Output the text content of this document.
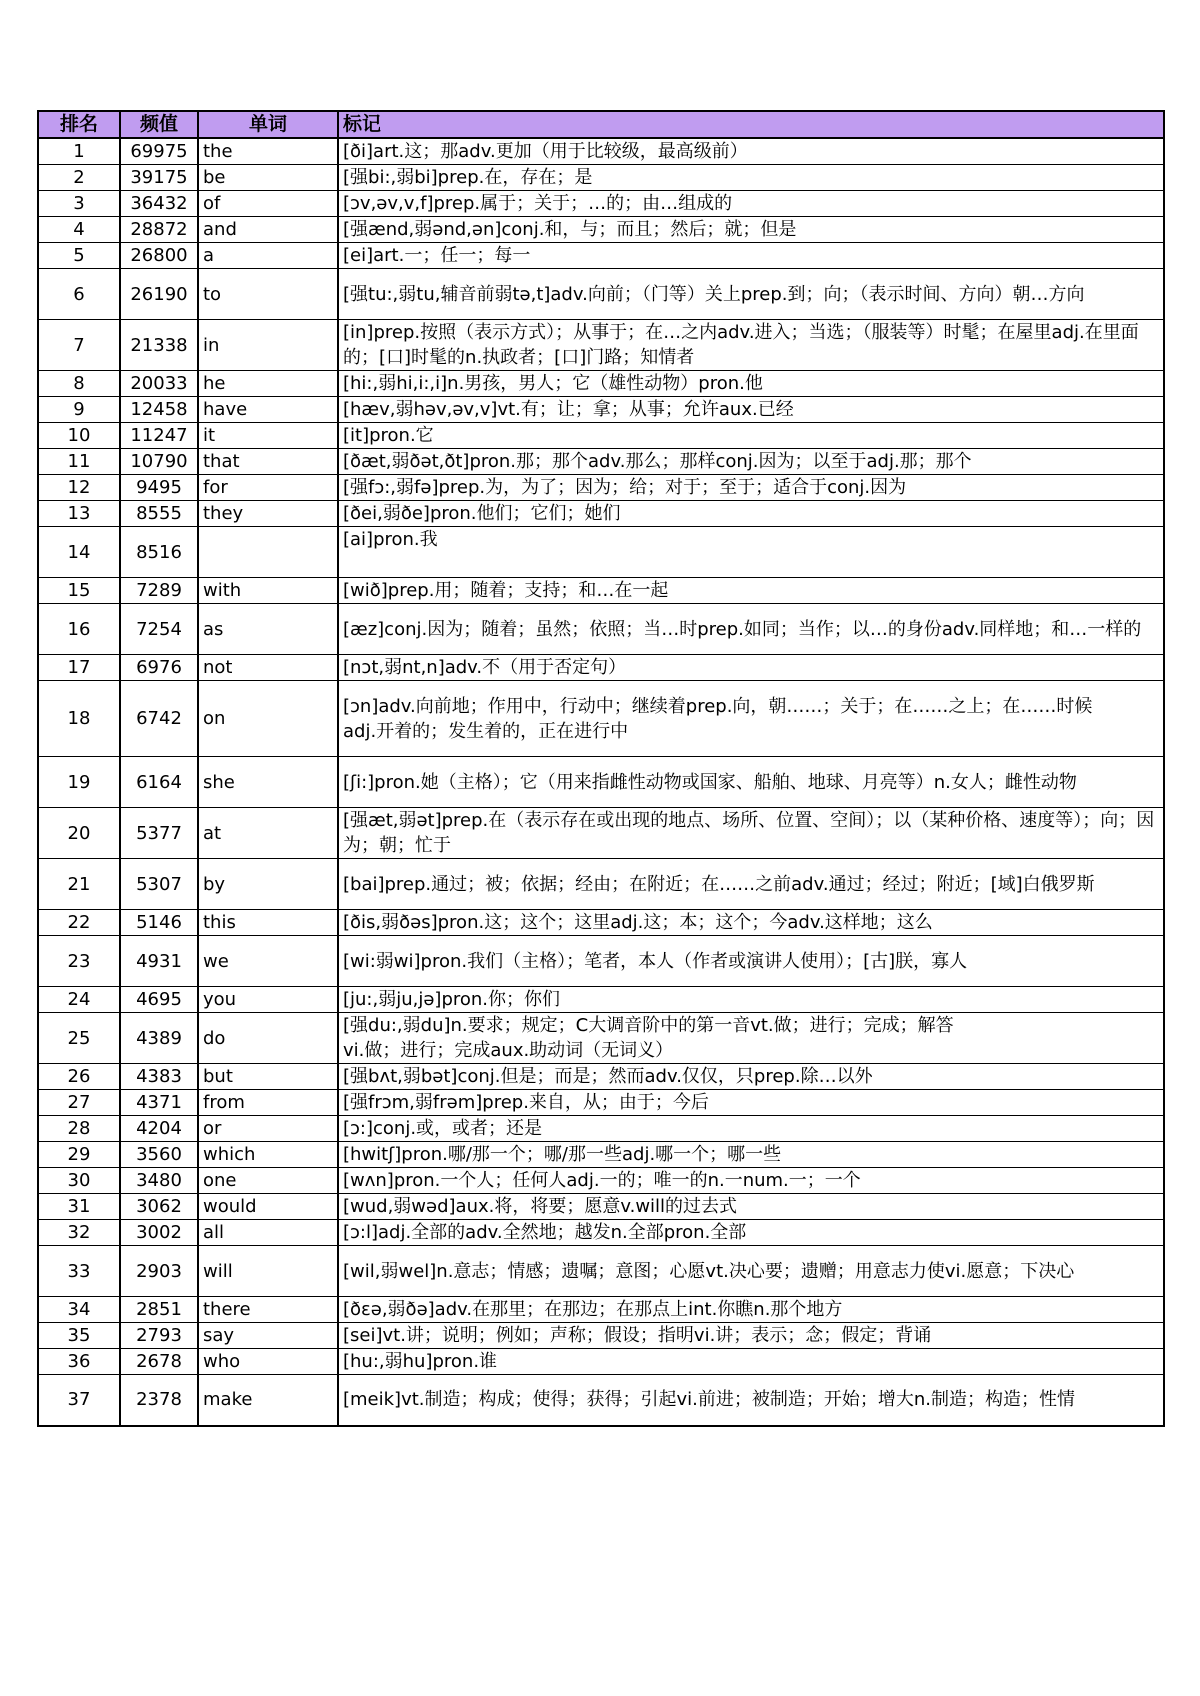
排名	频值	单词	标记
1	69975	the	[ði]art.这；那adv.更加（用于比较级，最高级前）
2	39175	be	[强bi:,弱bi]prep.在，存在；是
3	36432	of	[ɔv,əv,v,f]prep.属于；关于；…的；由…组成的
4	28872	and	[强ænd,弱ənd,ən]conj.和，与；而且；然后；就；但是
5	26800	a	[ei]art.一；任一；每一
6	26190	to	[强tu:,弱tu,辅音前弱tə,t]adv.向前；（门等）关上prep.到；向；（表示时间、方向）朝…方向
7	21338	in	[in]prep.按照（表示方式）；从事于；在…之内adv.进入；当选；（服装等）时髦；在屋里adj.在里面的；[口]时髦的n.执政者；[口]门路；知情者
8	20033	he	[hi:,弱hi,i:,i]n.男孩，男人；它（雄性动物）pron.他
9	12458	have	[hæv,弱həv,əv,v]vt.有；让；拿；从事；允许aux.已经
10	11247	it	[it]pron.它
11	10790	that	[ðæt,弱ðət,ðt]pron.那；那个adv.那么；那样conj.因为；以至于adj.那；那个
12	9495	for	[强fɔ:,弱fə]prep.为，为了；因为；给；对于；至于；适合于conj.因为
13	8555	they	[ðei,弱ðe]pron.他们；它们；她们
14	8516		[ai]pron.我
15	7289	with	[wið]prep.用；随着；支持；和…在一起
16	7254	as	[æz]conj.因为；随着；虽然；依照；当…时prep.如同；当作；以…的身份adv.同样地；和…一样的
17	6976	not	[nɔt,弱nt,n]adv.不（用于否定句）
18	6742	on	[ɔn]adv.向前地；作用中，行动中；继续着prep.向，朝……；关于；在……之上；在……时候
adj.开着的；发生着的，正在进行中
19	6164	she	[ʃi:]pron.她（主格）；它（用来指雌性动物或国家、船舶、地球、月亮等）n.女人；雌性动物
20	5377	at	[强æt,弱ət]prep.在（表示存在或出现的地点、场所、位置、空间）；以（某种价格、速度等）；向；因为；朝；忙于
21	5307	by	[bai]prep.通过；被；依据；经由；在附近；在……之前adv.通过；经过；附近；[域]白俄罗斯
22	5146	this	[ðis,弱ðəs]pron.这；这个；这里adj.这；本；这个；今adv.这样地；这么
23	4931	we	[wi:弱wi]pron.我们（主格）；笔者，本人（作者或演讲人使用）；[古]朕，寡人
24	4695	you	[ju:,弱ju,jə]pron.你；你们
25	4389	do	[强du:,弱du]n.要求；规定；C大调音阶中的第一音vt.做；进行；完成；解答
vi.做；进行；完成aux.助动词（无词义）
26	4383	but	[强bʌt,弱bət]conj.但是；而是；然而adv.仅仅，只prep.除…以外
27	4371	from	[强frɔm,弱frəm]prep.来自，从；由于；今后
28	4204	or	[ɔ:]conj.或，或者；还是
29	3560	which	[hwitʃ]pron.哪/那一个；哪/那一些adj.哪一个；哪一些
30	3480	one	[wʌn]pron.一个人；任何人adj.一的；唯一的n.一num.一；一个
31	3062	would	[wud,弱wəd]aux.将，将要；愿意v.will的过去式
32	3002	all	[ɔ:l]adj.全部的adv.全然地；越发n.全部pron.全部
33	2903	will	[wil,弱wel]n.意志；情感；遗嘱；意图；心愿vt.决心要；遗赠；用意志力使vi.愿意；下决心
34	2851	there	[ðɛə,弱ðə]adv.在那里；在那边；在那点上int.你瞧n.那个地方
35	2793	say	[sei]vt.讲；说明；例如；声称；假设；指明vi.讲；表示；念；假定；背诵
36	2678	who	[hu:,弱hu]pron.谁
37	2378	make	[meik]vt.制造；构成；使得；获得；引起vi.前进；被制造；开始；增大n.制造；构造；性情
